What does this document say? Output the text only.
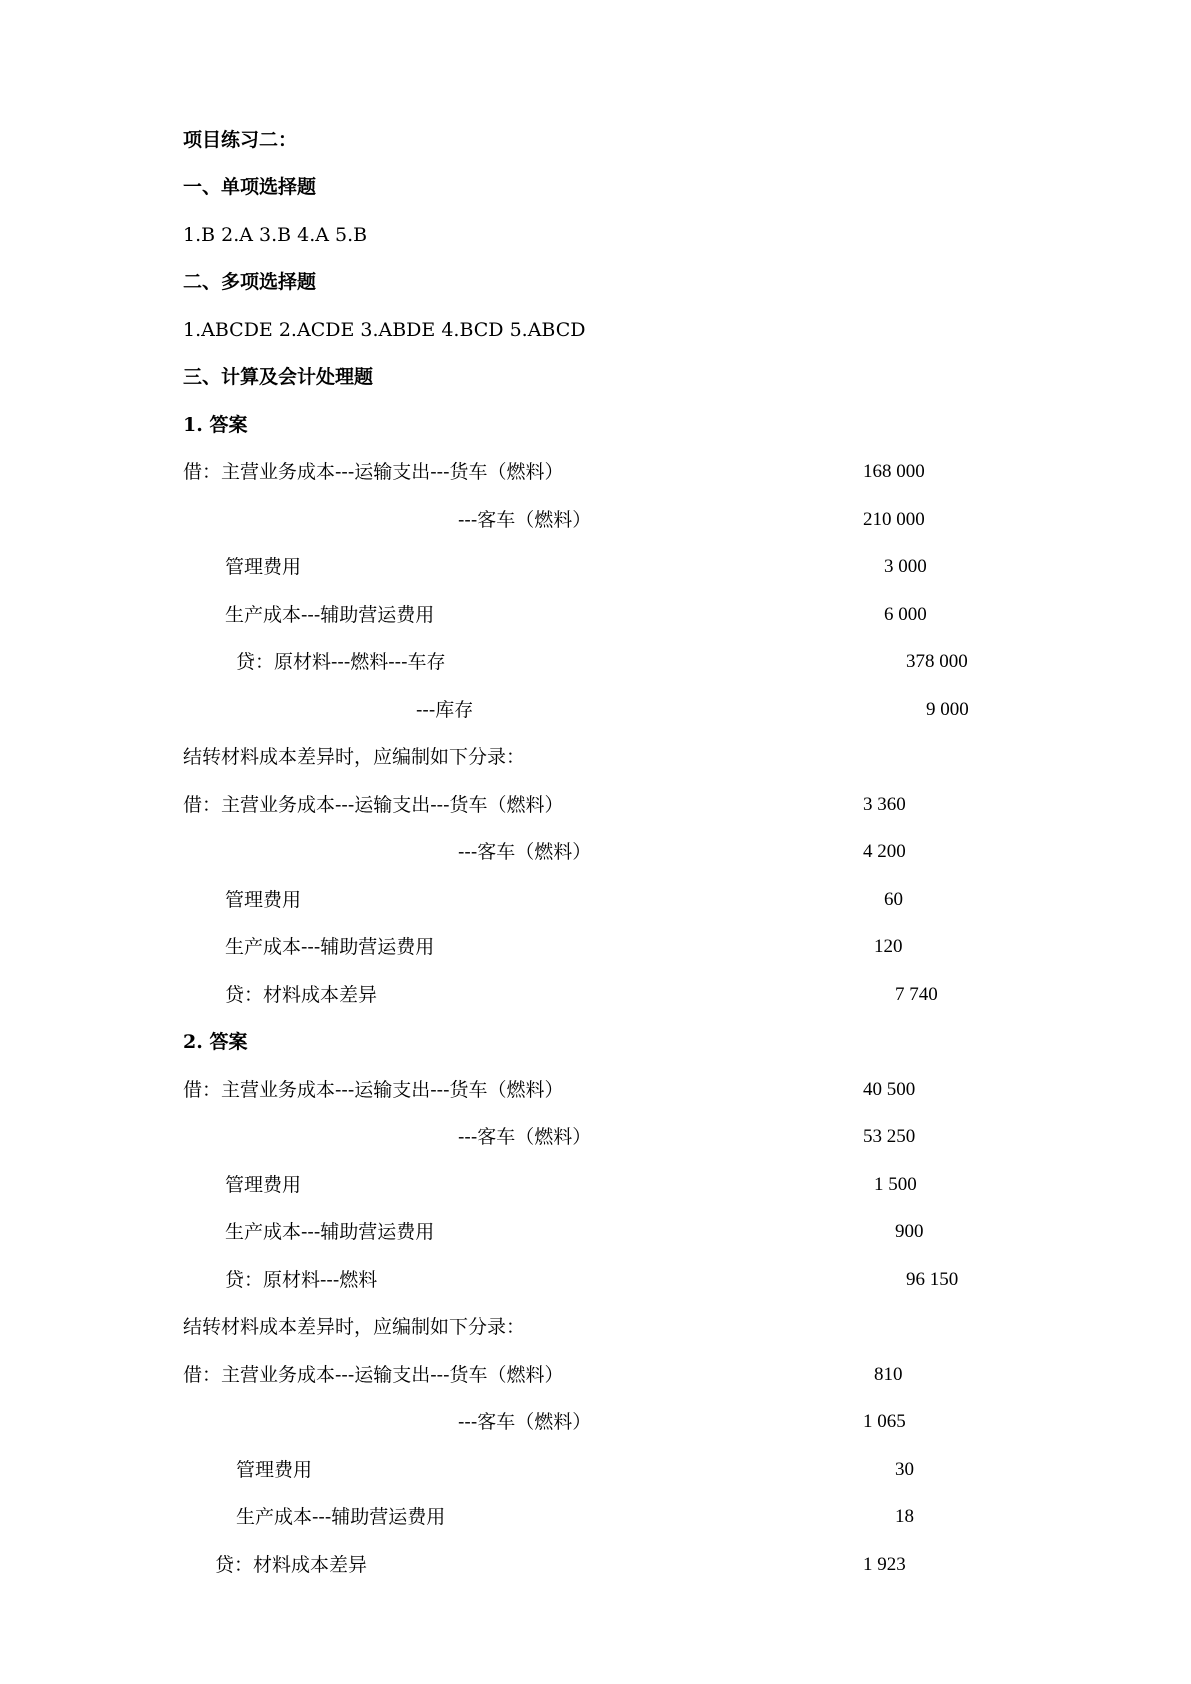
项目练习二：
一、单项选择题
1.B 2.A 3.B 4.A 5.B
二、多项选择题
1.ABCDE 2.ACDE 3.ABDE 4.BCD 5.ABCD
三、计算及会计处理题
1. 答案
借：主营业务成本---运输支出---货车（燃料）	168 000
---客车（燃料）	210 000
管理费用	3 000
生产成本---辅助营运费用	6 000
贷：原材料---燃料---车存	378 000
---库存	9 000
结转材料成本差异时，应编制如下分录：
借：主营业务成本---运输支出---货车（燃料）	3 360
---客车（燃料）	4 200
管理费用	60
生产成本---辅助营运费用	120
贷：材料成本差异	7 740
2. 答案
借：主营业务成本---运输支出---货车（燃料）	40 500
---客车（燃料）	53 250
管理费用	1 500
生产成本---辅助营运费用	900
贷：原材料---燃料	96 150
结转材料成本差异时，应编制如下分录：
借：主营业务成本---运输支出---货车（燃料）	810
---客车（燃料）	1 065
管理费用	30
生产成本---辅助营运费用	18
贷：材料成本差异	1 923
